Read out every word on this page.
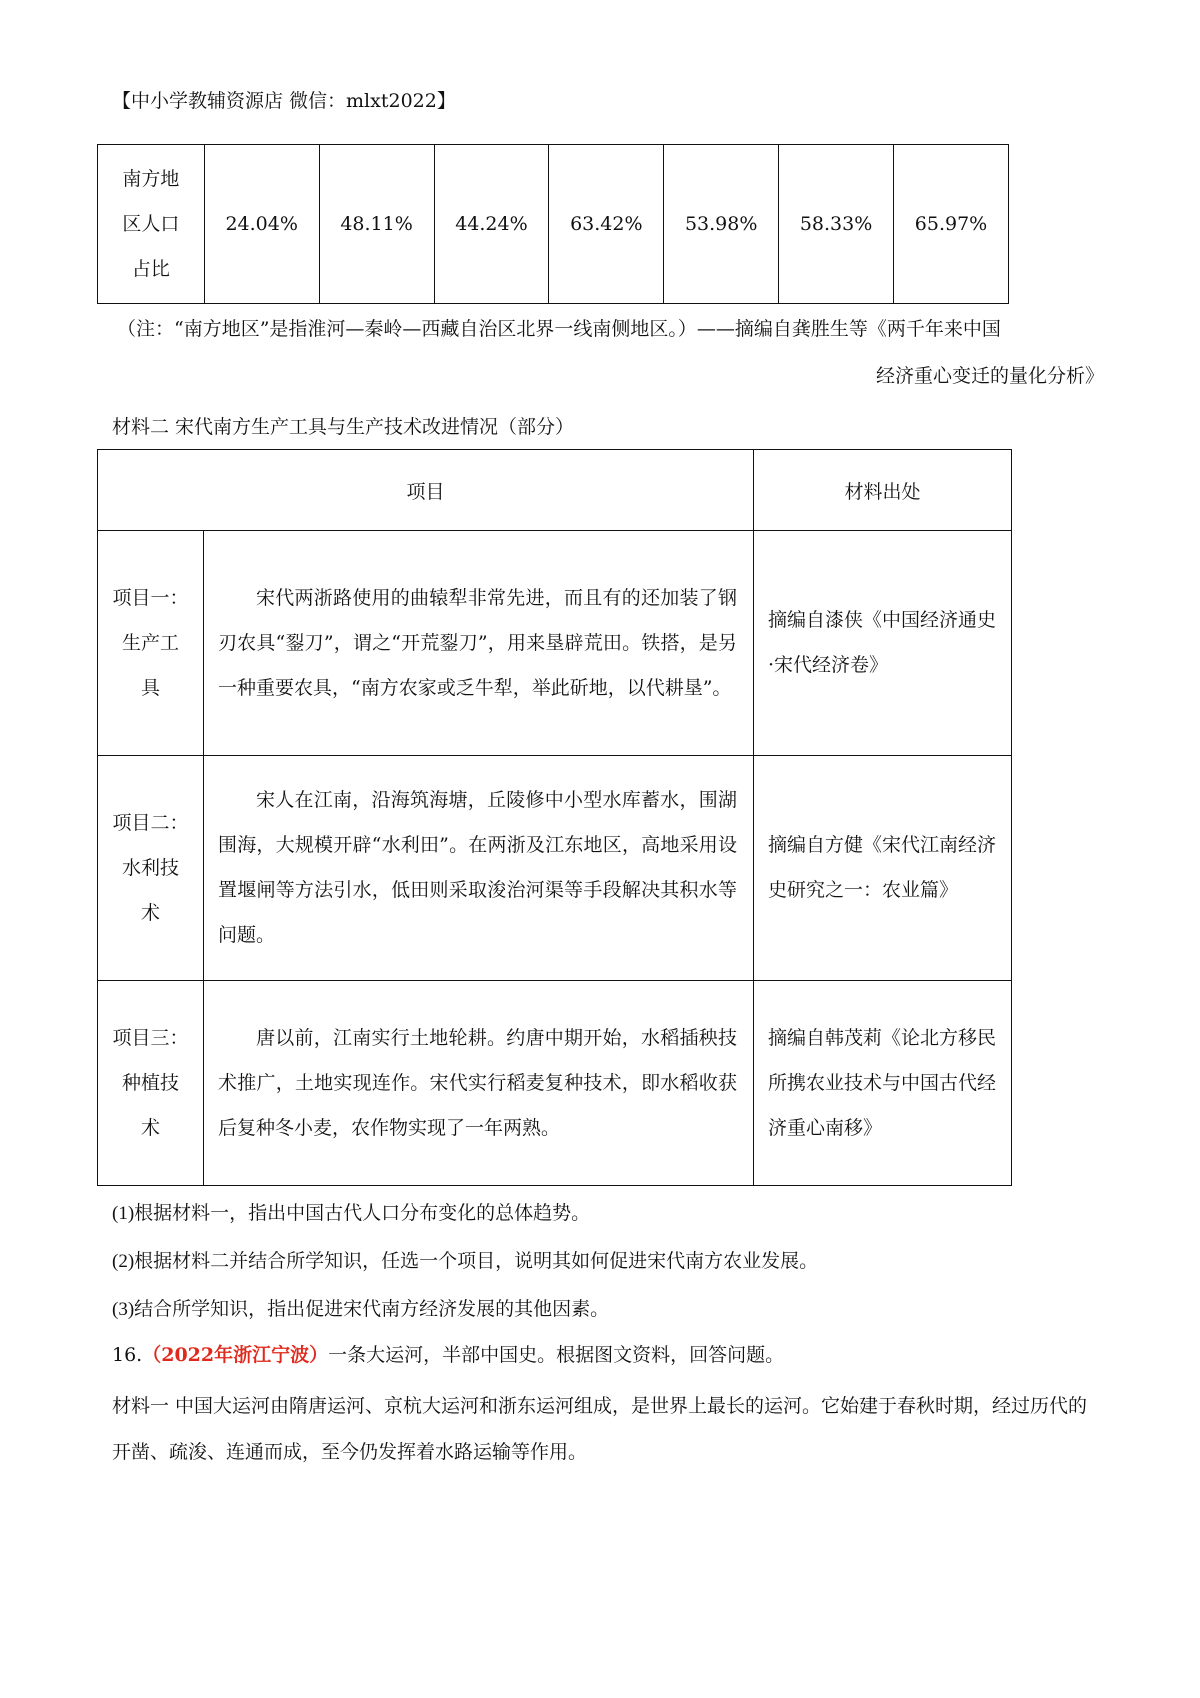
【中小学教辅资源店 微信：mlxt2022】
南方地
区人口
占比
	24.04%	48.11%	44.24%	63.42%	53.98%	58.33%	65.97%
（注：“南方地区”是指淮河—秦岭—西藏自治区北界一线南侧地区。）——摘编自龚胜生等《两千年来中国
经济重心变迁的量化分析》
材料二 宋代南方生产工具与生产技术改进情况（部分）
项目		材料出处

项目一：
生产工
具	宋代两浙路使用的曲辕犁非常先进，而且有的还加装了钢刃农具“銐刀”，谓之“开荒銐刀”，用来垦辟荒田。铁搭，是另一种重要农具，“南方农家或乏牛犁，举此斫地，以代耕垦”。	摘编自漆侠《中国经济通史·宋代经济卷》

项目二：
水利技
术	宋人在江南，沿海筑海塘，丘陵修中小型水库蓄水，围湖围海，大规模开辟“水利田”。在两浙及江东地区，高地采用设置堰闸等方法引水，低田则采取浚治河渠等手段解决其积水等问题。	摘编自方健《宋代江南经济史研究之一：农业篇》

项目三：
种植技
术	唐以前，江南实行土地轮耕。约唐中期开始，水稻插秧技术推广，土地实现连作。宋代实行稻麦复种技术，即水稻收获后复种冬小麦，农作物实现了一年两熟。	摘编自韩茂莉《论北方移民所携农业技术与中国古代经济重心南移》
(1)根据材料一，指出中国古代人口分布变化的总体趋势。
(2)根据材料二并结合所学知识，任选一个项目，说明其如何促进宋代南方农业发展。
(3)结合所学知识，指出促进宋代南方经济发展的其他因素。
16.（2022年浙江宁波）一条大运河，半部中国史。根据图文资料，回答问题。
材料一 中国大运河由隋唐运河、京杭大运河和浙东运河组成，是世界上最长的运河。它始建于春秋时期，经过历代的开凿、疏浚、连通而成，至今仍发挥着水路运输等作用。
